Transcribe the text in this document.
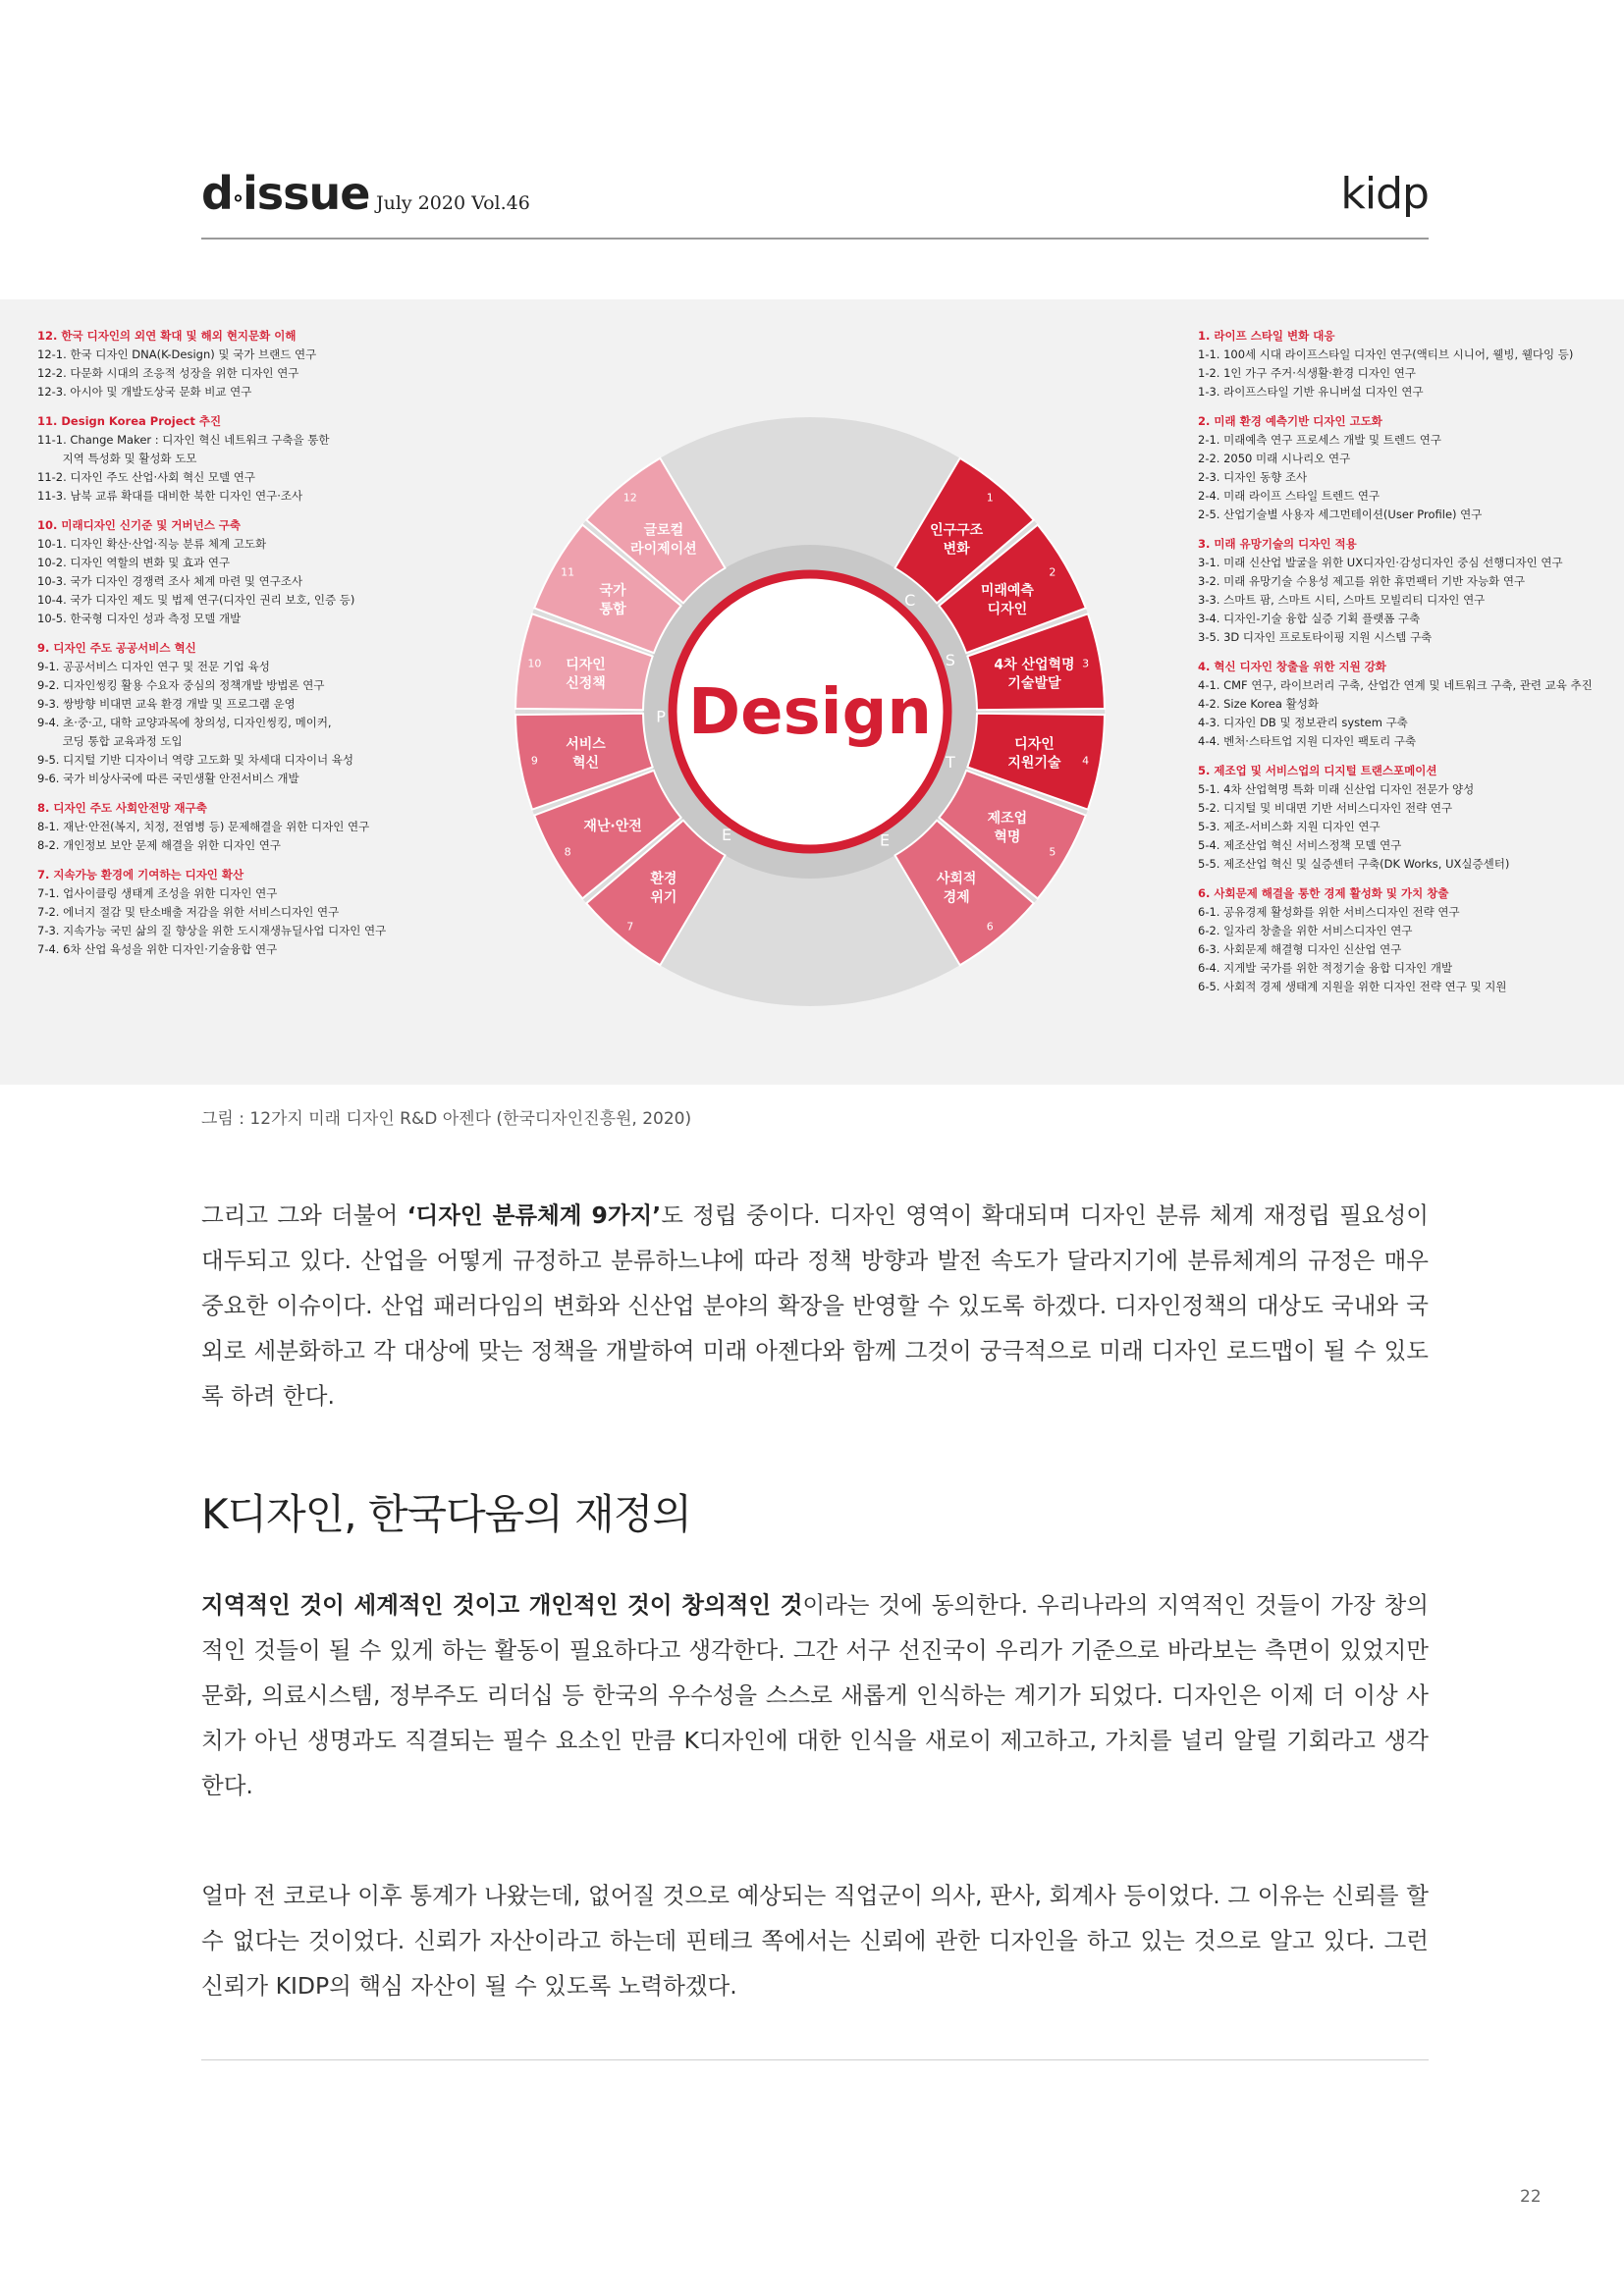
d°issue July 2020 Vol.46	kidp
12. 한국 디자인의 외연 확대 및 해외 현지문화 이해
12-1. 한국 디자인 DNA(K-Design) 및 국가 브랜드 연구
12-2. 다문화 시대의 조응적 성장을 위한 디자인 연구
12-3. 아시아 및 개발도상국 문화 비교 연구
11. Design Korea Project 추진
11-1. Change Maker : 디자인 혁신 네트워크 구축을 통한
지역 특성화 및 활성화 도모
11-2. 디자인 주도 산업·사회 혁신 모델 연구
11-3. 남북 교류 확대를 대비한 북한 디자인 연구·조사
10. 미래디자인 신기준 및 거버넌스 구축
10-1. 디자인 확산·산업·직능 분류 체계 고도화
10-2. 디자인 역할의 변화 및 효과 연구
10-3. 국가 디자인 경쟁력 조사 체계 마련 및 연구조사
10-4. 국가 디자인 제도 및 법제 연구(디자인 권리 보호, 인증 등)
10-5. 한국형 디자인 성과 측정 모델 개발
9. 디자인 주도 공공서비스 혁신
9-1. 공공서비스 디자인 연구 및 전문 기업 육성
9-2. 디자인씽킹 활용 수요자 중심의 정책개발 방법론 연구
9-3. 쌍방향 비대면 교육 환경 개발 및 프로그램 운영
9-4. 초·중·고, 대학 교양과목에 창의성, 디자인씽킹, 메이커,
코딩 통합 교육과정 도입
9-5. 디지털 기반 디자이너 역량 고도화 및 차세대 디자이너 육성
9-6. 국가 비상사국에 따른 국민생활 안전서비스 개발
8. 디자인 주도 사회안전망 재구축
8-1. 재난·안전(복지, 치정, 전염병 등) 문제해결을 위한 디자인 연구
8-2. 개인정보 보안 문제 해결을 위한 디자인 연구
7. 지속가능 환경에 기여하는 디자인 확산
7-1. 업사이클링 생태계 조성을 위한 디자인 연구
7-2. 에너지 절감 및 탄소배출 저감을 위한 서비스디자인 연구
7-3. 지속가능 국민 삶의 질 향상을 위한 도시재생뉴딜사업 디자인 연구
7-4. 6차 산업 육성을 위한 디자인·기술융합 연구
1. 라이프 스타일 변화 대응
1-1. 100세 시대 라이프스타일 디자인 연구(액티브 시니어, 웰빙, 웰다잉 등)
1-2. 1인 가구 주거·식생활·환경 디자인 연구
1-3. 라이프스타일 기반 유니버설 디자인 연구
2. 미래 환경 예측기반 디자인 고도화
2-1. 미래예측 연구 프로세스 개발 및 트렌드 연구
2-2. 2050 미래 시나리오 연구
2-3. 디자인 동향 조사
2-4. 미래 라이프 스타일 트렌드 연구
2-5. 산업기술별 사용자 세그먼테이션(User Profile) 연구
3. 미래 유망기술의 디자인 적용
3-1. 미래 신산업 발굴을 위한 UX디자인·감성디자인 중심 선행디자인 연구
3-2. 미래 유망기술 수용성 제고를 위한 휴먼팩터 기반 자능화 연구
3-3. 스마트 팜, 스마트 시티, 스마트 모빌리티 디자인 연구
3-4. 디자인-기술 융합 실증 기획 플랫폼 구축
3-5. 3D 디자인 프로토타이핑 지원 시스템 구축
4. 혁신 디자인 창출을 위한 지원 강화
4-1. CMF 연구, 라이브러리 구축, 산업간 연계 및 네트워크 구축, 관련 교육 추진
4-2. Size Korea 활성화
4-3. 디자인 DB 및 정보관리 system 구축
4-4. 벤처·스타트업 지원 디자인 팩토리 구축
5. 제조업 및 서비스업의 디지털 트랜스포메이션
5-1. 4차 산업혁명 특화 미래 신산업 디자인 전문가 양성
5-2. 디지털 및 비대면 기반 서비스디자인 전략 연구
5-3. 제조-서비스화 지원 디자인 연구
5-4. 제조산업 혁신 서비스정책 모델 연구
5-5. 제조산업 혁신 및 실증센터 구축(DK Works, UX실증센터)
6. 사회문제 해결을 통한 경제 활성화 및 가치 창출
6-1. 공유경제 활성화를 위한 서비스디자인 전략 연구
6-2. 일자리 창출을 위한 서비스디자인 연구
6-3. 사회문제 해결형 디자인 신산업 연구
6-4. 지게발 국가를 위한 적정기술 융합 디자인 개발
6-5. 사회적 경제 생태계 지원을 위한 디자인 전략 연구 및 지원
1
인구구조
변화
2
미래예측
디자인
3
4차 산업혁명
기술발달
4
디자인
지원기술
5
제조업
혁명
6
사회적
경제
7
환경
위기
8
재난·안전
9
서비스
혁신
10 디자인
신정책
11
국가
통합
12
글로컬
라이제이션
C
S
T
E
E
P Design
그림 : 12가지 미래 디자인 R&D 아젠다 (한국디자인진흥원, 2020)
그리고 그와 더불어 ‘디자인 분류체계 9가지’도 정립 중이다. 디자인 영역이 확대되며 디자인 분류 체계 재정립 필요성이 대두되고 있다. 산업을 어떻게 규정하고 분류하느냐에 따라 정책 방향과 발전 속도가 달라지기에 분류체계의 규정은 매우 중요한 이슈이다. 산업 패러다임의 변화와 신산업 분야의 확장을 반영할 수 있도록 하겠다. 디자인정책의 대상도 국내와 국외로 세분화하고 각 대상에 맞는 정책을 개발하여 미래 아젠다와 함께 그것이 궁극적으로 미래 디자인 로드맵이 될 수 있도록 하려 한다.
K디자인, 한국다움의 재정의
지역적인 것이 세계적인 것이고 개인적인 것이 창의적인 것이라는 것에 동의한다. 우리나라의 지역적인 것들이 가장 창의적인 것들이 될 수 있게 하는 활동이 필요하다고 생각한다. 그간 서구 선진국이 우리가 기준으로 바라보는 측면이 있었지만 문화, 의료시스템, 정부주도 리더십 등 한국의 우수성을 스스로 새롭게 인식하는 계기가 되었다. 디자인은 이제 더 이상 사치가 아닌 생명과도 직결되는 필수 요소인 만큼 K디자인에 대한 인식을 새로이 제고하고, 가치를 널리 알릴 기회라고 생각한다.
얼마 전 코로나 이후 통계가 나왔는데, 없어질 것으로 예상되는 직업군이 의사, 판사, 회계사 등이었다. 그 이유는 신뢰를 할 수 없다는 것이었다. 신뢰가 자산이라고 하는데 핀테크 쪽에서는 신뢰에 관한 디자인을 하고 있는 것으로 알고 있다. 그런 신뢰가 KIDP의 핵심 자산이 될 수 있도록 노력하겠다.
22
